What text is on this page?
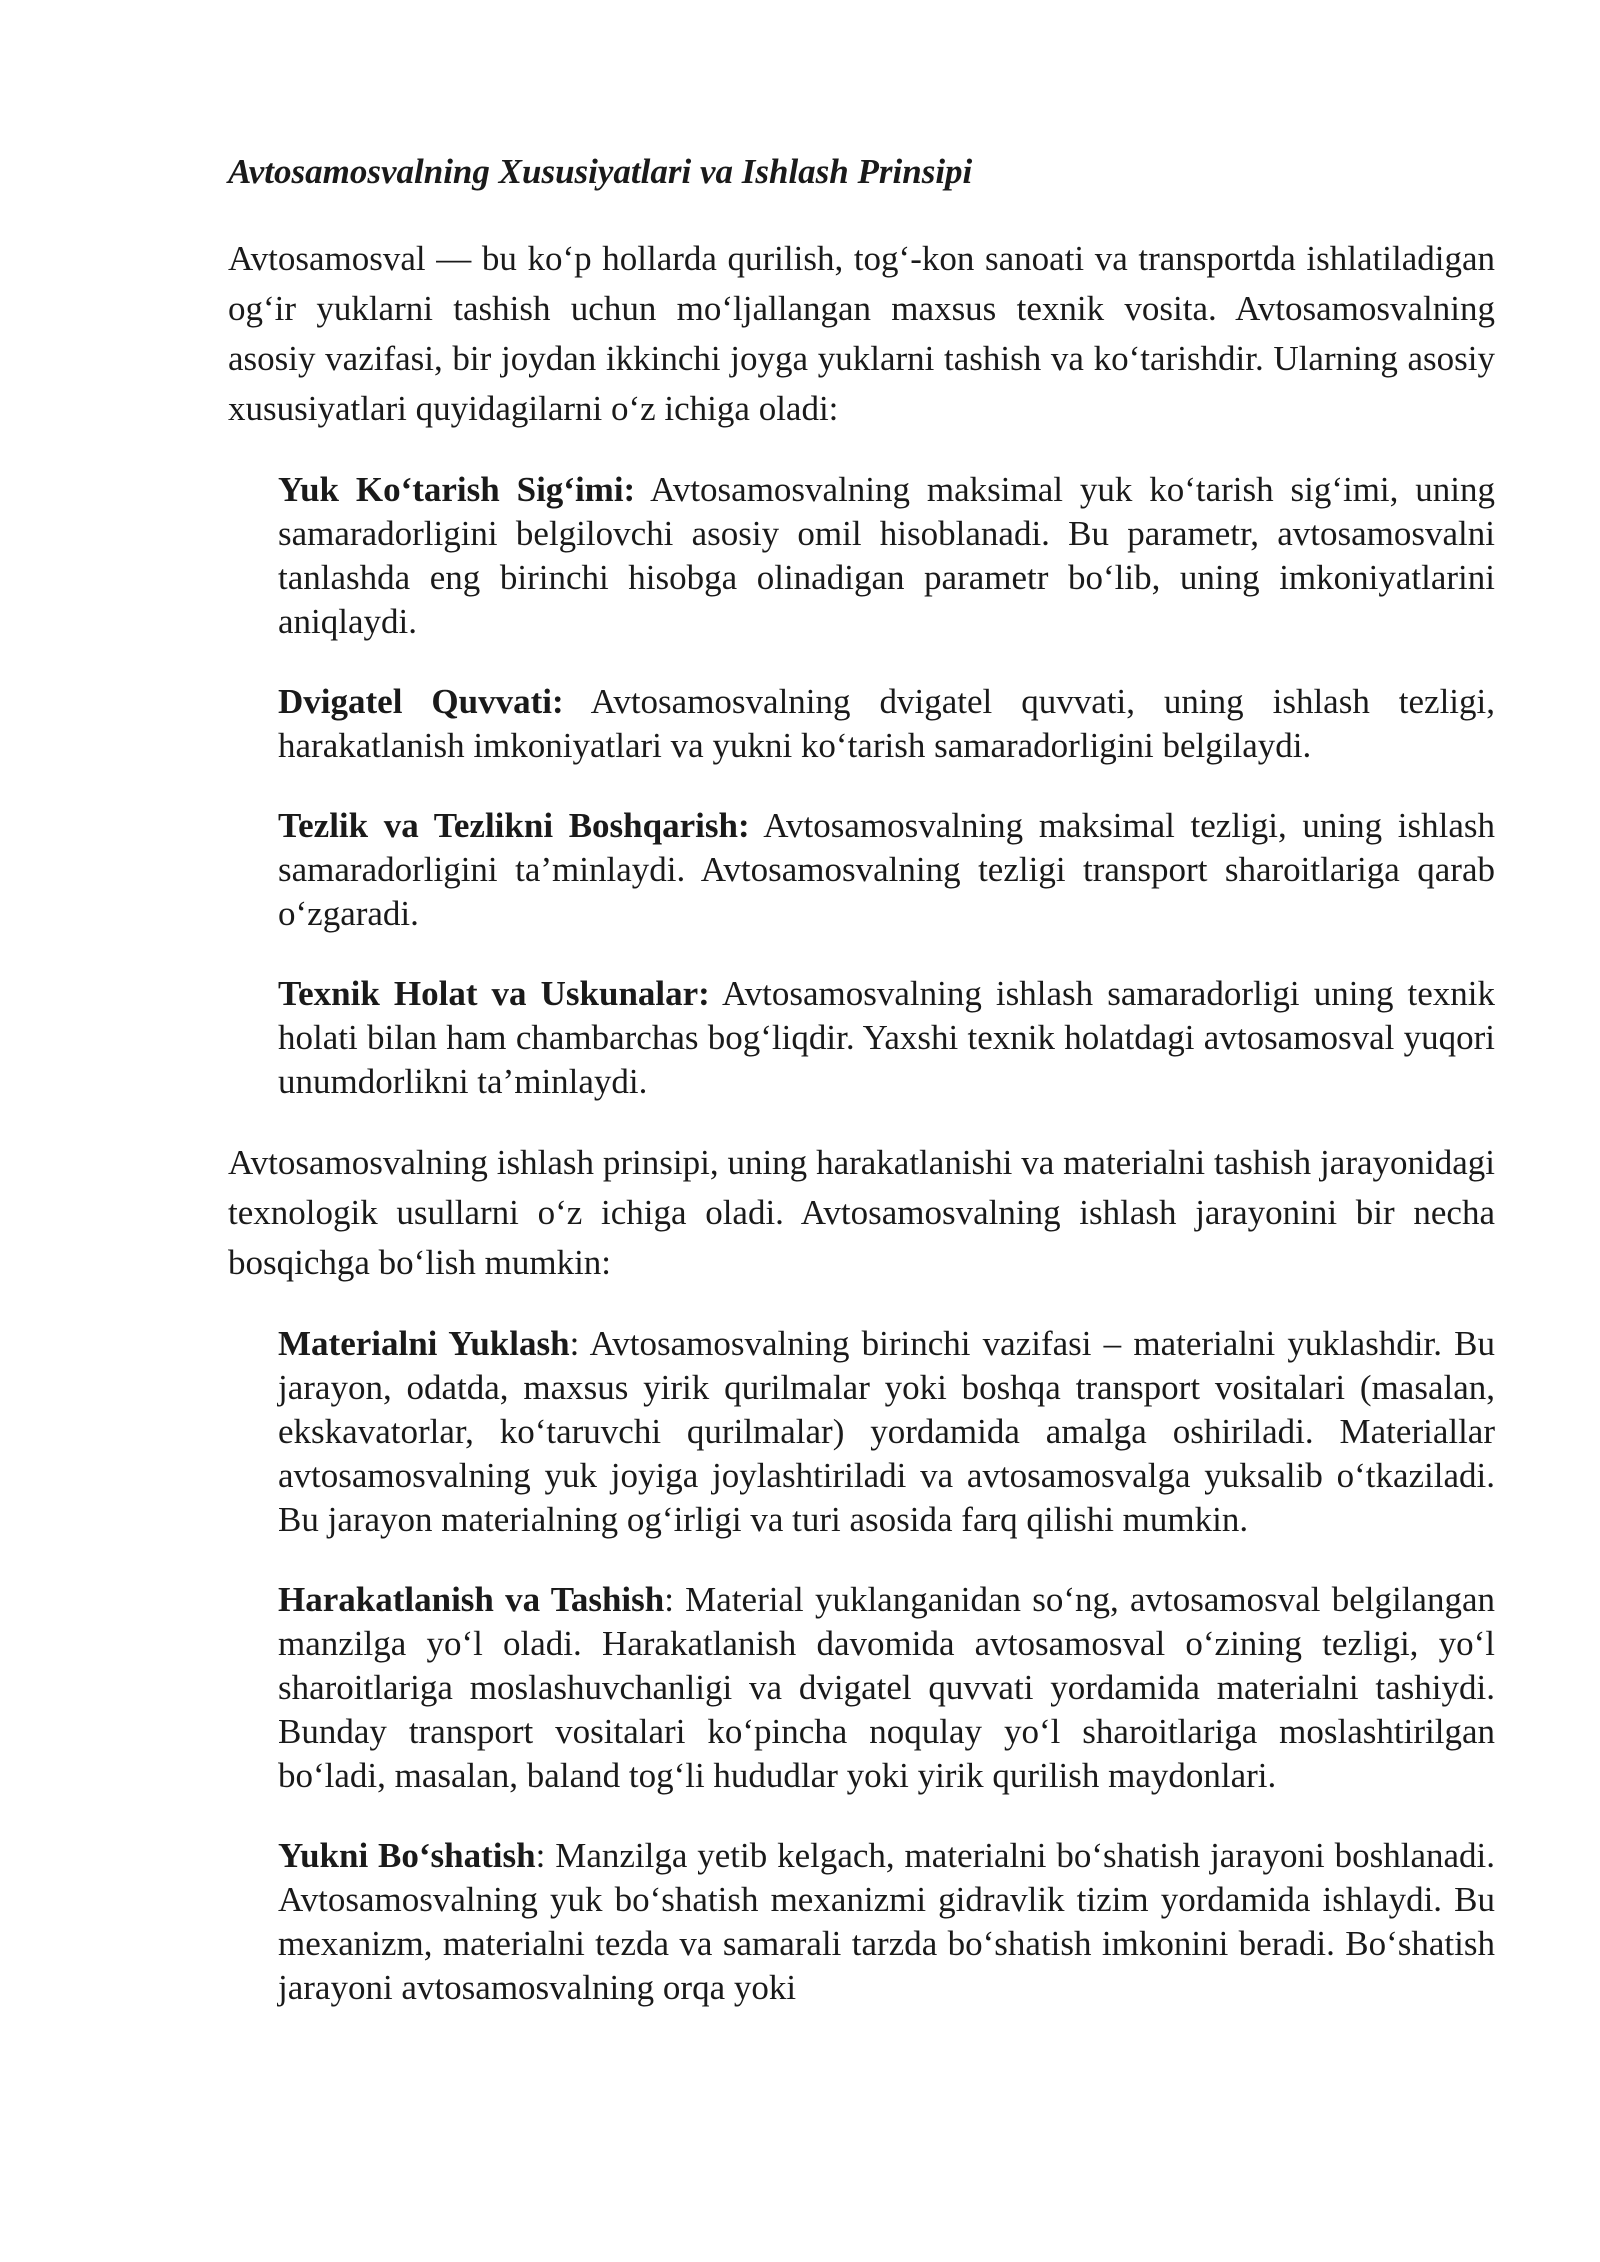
Avtosamosvalning Xususiyatlari va Ishlash Prinsipi

Avtosamosval — bu ko‘p hollarda qurilish, tog‘-kon sanoati va transportda ishlatiladigan og‘ir yuklarni tashish uchun mo‘ljallangan maxsus texnik vosita. Avtosamosvalning asosiy vazifasi, bir joydan ikkinchi joyga yuklarni tashish va ko‘tarishdir. Ularning asosiy xususiyatlari quyidagilarni o‘z ichiga oladi:

Yuk Ko‘tarish Sig‘imi: Avtosamosvalning maksimal yuk ko‘tarish sig‘imi, uning samaradorligini belgilovchi asosiy omil hisoblanadi. Bu parametr, avtosamosvalni tanlashda eng birinchi hisobga olinadigan parametr bo‘lib, uning imkoniyatlarini aniqlaydi.

Dvigatel Quvvati: Avtosamosvalning dvigatel quvvati, uning ishlash tezligi, harakatlanish imkoniyatlari va yukni ko‘tarish samaradorligini belgilaydi.

Tezlik va Tezlikni Boshqarish: Avtosamosvalning maksimal tezligi, uning ishlash samaradorligini ta’minlaydi. Avtosamosvalning tezligi transport sharoitlariga qarab o‘zgaradi.

Texnik Holat va Uskunalar: Avtosamosvalning ishlash samaradorligi uning texnik holati bilan ham chambarchas bog‘liqdir. Yaxshi texnik holatdagi avtosamosval yuqori unumdorlikni ta’minlaydi.

Avtosamosvalning ishlash prinsipi, uning harakatlanishi va materialni tashish jarayonidagi texnologik usullarni o‘z ichiga oladi. Avtosamosvalning ishlash jarayonini bir necha bosqichga bo‘lish mumkin:

Materialni Yuklash: Avtosamosvalning birinchi vazifasi – materialni yuklashdir. Bu jarayon, odatda, maxsus yirik qurilmalar yoki boshqa transport vositalari (masalan, ekskavatorlar, ko‘taruvchi qurilmalar) yordamida amalga oshiriladi. Materiallar avtosamosvalning yuk joyiga joylashtiriladi va avtosamosvalga yuksalib o‘tkaziladi. Bu jarayon materialning og‘irligi va turi asosida farq qilishi mumkin.

Harakatlanish va Tashish: Material yuklanganidan so‘ng, avtosamosval belgilangan manzilga yo‘l oladi. Harakatlanish davomida avtosamosval o‘zining tezligi, yo‘l sharoitlariga moslashuvchanligi va dvigatel quvvati yordamida materialni tashiydi. Bunday transport vositalari ko‘pincha noqulay yo‘l sharoitlariga moslashtirilgan bo‘ladi, masalan, baland tog‘li hududlar yoki yirik qurilish maydonlari.

Yukni Bo‘shatish: Manzilga yetib kelgach, materialni bo‘shatish jarayoni boshlanadi. Avtosamosvalning yuk bo‘shatish mexanizmi gidravlik tizim yordamida ishlaydi. Bu mexanizm, materialni tezda va samarali tarzda bo‘shatish imkonini beradi. Bo‘shatish jarayoni avtosamosvalning orqa yoki
